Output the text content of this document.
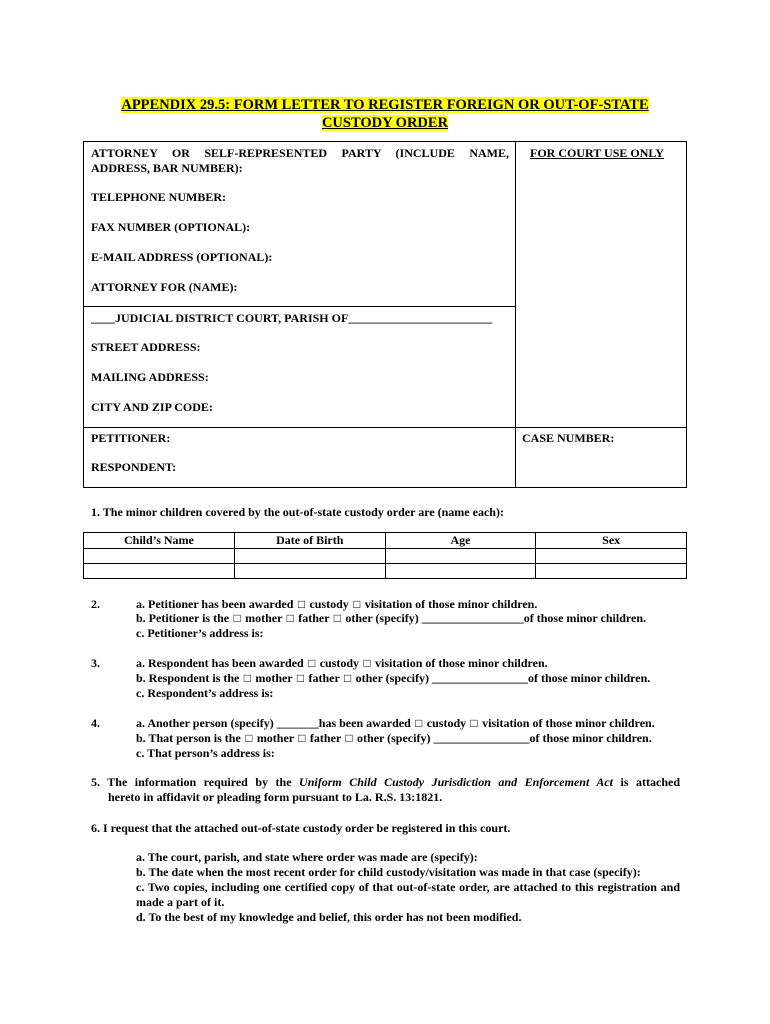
APPENDIX 29.5: FORM LETTER TO REGISTER FOREIGN OR OUT-OF-STATE
CUSTODY ORDER
ATTORNEY OR SELF-REPRESENTED PARTY (INCLUDE NAME,
ADDRESS, BAR NUMBER):
FOR COURT USE ONLY
TELEPHONE NUMBER:
FAX NUMBER (OPTIONAL):
E-MAIL ADDRESS (OPTIONAL):
ATTORNEY FOR (NAME):
____JUDICIAL DISTRICT COURT, PARISH OF________________________
STREET ADDRESS:
MAILING ADDRESS:
CITY AND ZIP CODE:
PETITIONER:
RESPONDENT:
CASE NUMBER:
1. The minor children covered by the out-of-state custody order are (name each):
Child’s Name	Date of Birth	Age	Sex

2.	a. Petitioner has been awarded □ custody □ visitation of those minor children.
b. Petitioner is the □ mother □ father □ other (specify) _________________of those minor children.
c. Petitioner’s address is:
3.	a. Respondent has been awarded □ custody □ visitation of those minor children.
b. Respondent is the □ mother □ father □ other (specify) ________________of those minor children.
c. Respondent’s address is:
4.	a. Another person (specify) _______has been awarded □ custody □ visitation of those minor children.
b. That person is the □ mother □ father □ other (specify) ________________of those minor children.
c. That person’s address is:
5. The information required by the Uniform Child Custody Jurisdiction and Enforcement Act is attached
hereto in affidavit or pleading form pursuant to La. R.S. 13:1821.
6. I request that the attached out-of-state custody order be registered in this court.
a. The court, parish, and state where order was made are (specify):
b. The date when the most recent order for child custody/visitation was made in that case (specify):
c. Two copies, including one certified copy of that out-of-state order, are attached to this registration and made a part of it.
d. To the best of my knowledge and belief, this order has not been modified.
